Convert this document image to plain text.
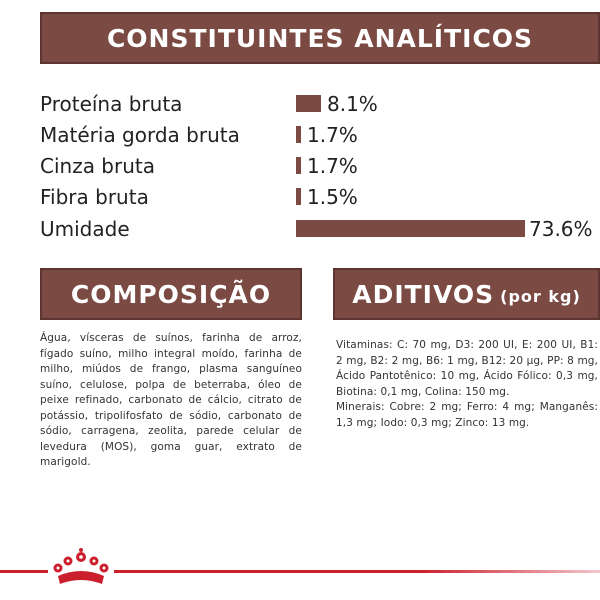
CONSTITUINTES ANALÍTICOS
Proteína bruta	8.1%
Matéria gorda bruta	1.7%
Cinza bruta	1.7%
Fibra bruta	1.5%
Umidade	73.6%
COMPOSIÇÃO	ADITIVOS (por kg)
Água, vísceras de suínos, farinha de arroz, fígado suíno, milho integral moído, farinha de milho, miúdos de frango, plasma sanguíneo suíno, celulose, polpa de beterraba, óleo de peixe refinado, carbonato de cálcio, citrato de potássio, tripolifosfato de sódio, carbonato de sódio, carragena, zeolita, parede celular de levedura (MOS), goma guar, extrato de marigold.
Vitaminas: C: 70 mg, D3: 200 UI, E: 200 UI, B1: 2 mg, B2: 2 mg, B6: 1 mg, B12: 20 µg, PP: 8 mg, Ácido Pantotênico: 10 mg, Ácido Fólico: 0,3 mg, Biotina: 0,1 mg, Colina: 150 mg.
Minerais: Cobre: 2 mg; Ferro: 4 mg; Manganês: 1,3 mg; Iodo: 0,3 mg; Zinco: 13 mg.
